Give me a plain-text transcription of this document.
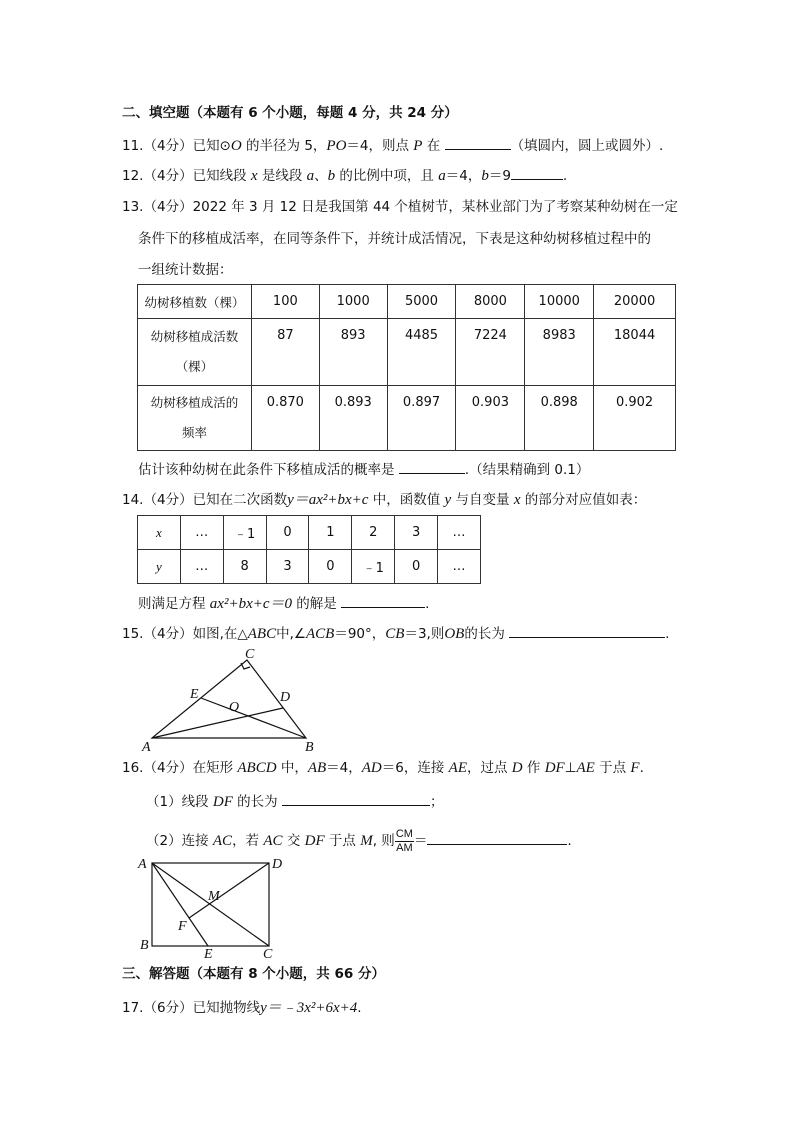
二、填空题（本题有 6 个小题，每题 4 分，共 24 分）
11.（4分）已知⊙O 的半径为 5，PO＝4，则点 P 在	（填圆内，圆上或圆外）.
12.（4分）已知线段 x 是线段 a、b 的比例中项，且 a＝4，b＝9	.
13.（4分）2022 年 3 月 12 日是我国第 44 个植树节，某林业部门为了考察某种幼树在一定
条件下的移植成活率，在同等条件下，并统计成活情况，下表是这种幼树移植过程中的
一组统计数据：
幼树移植数（棵）	100	1000	5000	8000	10000	20000

幼树移植成活数
（棵）	87	893	4485	7224	8983	18044

幼树移植成活的
频率	0.870	0.893	0.897	0.903	0.898	0.902
估计该种幼树在此条件下移植成活的概率是	.（结果精确到 0.1）
14.（4分）已知在二次函数y＝ax²+bx+c 中，函数值 y 与自变量 x 的部分对应值如表：
x	…	﹣1	0	1	2	3	…
y	…	8	3	0	﹣1	0	…
则满足方程 ax²+bx+c＝0 的解是	.
15.（4分）如图,在△ABC中,∠ACB＝90°，CB＝3,则OB的长为	.
A	B
C
D
E
O
16.（4分）在矩形 ABCD 中，AB＝4，AD＝6，连接 AE，过点 D 作 DF⊥AE 于点 F.
（1）线段 DF 的长为	；
（2）连接 AC，若 AC 交 DF 于点 M, 则 $\frac{CM}{AM}$ ＝	.
A	D
B
C
E
F
M
三、解答题（本题有 8 个小题，共 66 分）
17.（6分）已知抛物线y＝﹣3x²+6x+4.
